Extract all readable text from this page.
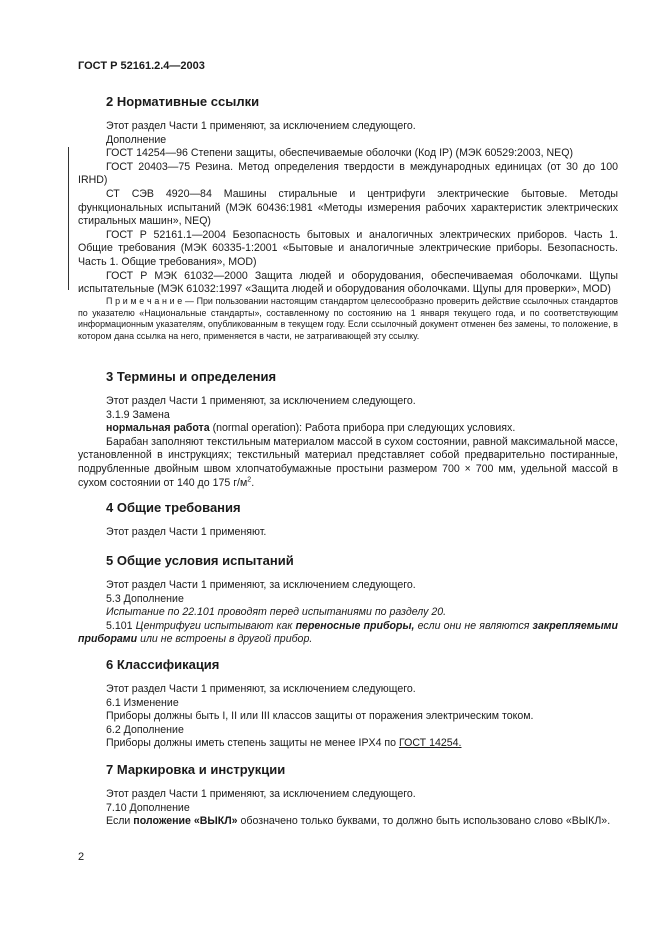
ГОСТ Р 52161.2.4—2003
2 Нормативные ссылки

Этот раздел Части 1 применяют, за исключением следующего.

Дополнение

ГОСТ 14254—96 Степени защиты, обеспечиваемые оболочки (Код IP) (МЭК 60529:2003, NEQ)

ГОСТ 20403—75 Резина. Метод определения твердости в международных единицах (от 30 до 100 IRHD)

СТ СЭВ 4920—84 Машины стиральные и центрифуги электрические бытовые. Методы функциональных испытаний (МЭК 60436:1981 «Методы измерения рабочих характеристик электрических стиральных машин», NEQ)

ГОСТ Р 52161.1—2004 Безопасность бытовых и аналогичных электрических приборов. Часть 1. Общие требования (МЭК 60335-1:2001 «Бытовые и аналогичные электрические приборы. Безопасность. Часть 1. Общие требования», MOD)

ГОСТ Р МЭК 61032—2000 Защита людей и оборудования, обеспечиваемая оболочками. Щупы испытательные (МЭК 61032:1997 «Защита людей и оборудования оболочками. Щупы для проверки», MOD)

П р и м е ч а н и е — При пользовании настоящим стандартом целесообразно проверить действие ссылочных стандартов по указателю «Национальные стандарты», составленному по состоянию на 1 января текущего года, и по соответствующим информационным указателям, опубликованным в текущем году. Если ссылочный документ отменен без замены, то положение, в котором дана ссылка на него, применяется в части, не затрагивающей эту ссылку.

3 Термины и определения

Этот раздел Части 1 применяют, за исключением следующего.

3.1.9 Замена

нормальная работа (normal operation): Работа прибора при следующих условиях.

Барабан заполняют текстильным материалом массой в сухом состоянии, равной максимальной массе, установленной в инструкциях; текстильный материал представляет собой предварительно постиранные, подрубленные двойным швом хлопчатобумажные простыни размером 700 × 700 мм, удельной массой в сухом состоянии от 140 до 175 $г/м^2$.

4 Общие требования

Этот раздел Части 1 применяют.

5 Общие условия испытаний

Этот раздел Части 1 применяют, за исключением следующего.

5.3 Дополнение

Испытание по 22.101 проводят перед испытаниями по разделу 20.

5.101 Центрифуги испытывают как переносные приборы, если они не являются закрепляемыми приборами или не встроены в другой прибор.

6 Классификация

Этот раздел Части 1 применяют, за исключением следующего.

6.1 Изменение

Приборы должны быть I, II или III классов защиты от поражения электрическим током.

6.2 Дополнение

Приборы должны иметь степень защиты не менее IPX4 по ГОСТ 14254.

7 Маркировка и инструкции

Этот раздел Части 1 применяют, за исключением следующего.

7.10 Дополнение

Если положение «ВЫКЛ» обозначено только буквами, то должно быть использовано слово «ВЫКЛ».

2
